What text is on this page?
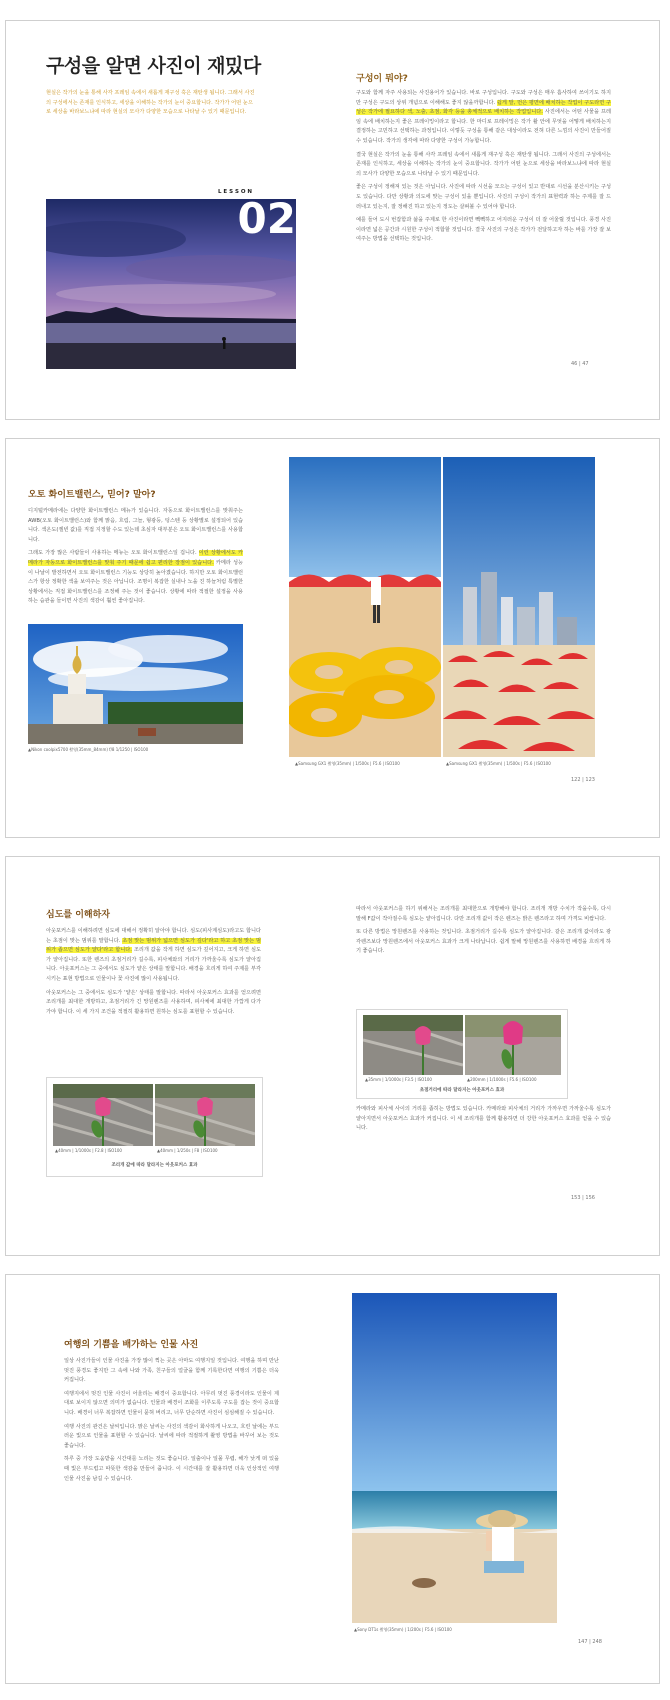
구성을 알면 사진이 재밌다
현실은 작가의 눈을 통해 사각 프레임 속에서 새롭게 재구성 혹은 재탄생 됩니다. 그래서 사진의 구성에서는 존재를 인식하고, 세상을 이해하는 작가의 눈이 중요합니다. 작가가 어떤 눈으로 세상을 바라보느냐에 따라 현실의 모사가 다양한 모습으로 나타날 수 있기 때문입니다.
L E S S O N
02
구성이 뭐야?
구도와 함께 자주 사용되는 사진용어가 있습니다. 바로 구성입니다. 구도와 구성은 매우 흡사하여 쓰이기도 하지만 구성은 구도의 상위 개념으로 이해해도 좋지 않을까합니다. 쉽게 말, 먼은 평면에 배치하는 작업이 구도라면 구성은 작가에 필요하다 색, 노출, 초점, 화각 등을 총체적으로 배치하는 작업입니다. 사진에서는 어떤 사물을 프레임 속에 배치하는지 좋은 프레이밍이라고 합니다. 한 마디로 프레이밍은 작가 촬 안에 무엇을 어떻게 배치하는지 결정하는 고민하고 선택하는 과정입니다. 이렇듯 구성을 통해 같은 대상이라도 전혀 다른 느낌의 사진이 만들어질 수 있습니다. 작가의 생각에 따라 다양한 구성이 가능합니다.

결국 현실은 작가의 눈을 통해 사각 프레임 속에서 새롭게 재구성 혹은 재탄생 됩니다. 그래서 사진의 구성에서는 존재를 인식하고, 세상을 이해하는 작가의 눈이 중요합니다. 작가가 어떤 눈으로 세상을 바라보느냐에 따라 현실의 모사가 다양한 모습으로 나타날 수 있기 때문입니다.

좋은 구성이 정해져 있는 것은 아닙니다. 사진에 따라 시선을 모으는 구성이 있고 반대로 시선을 분산시키는 구성도 있습니다. 다만 상황과 의도에 맞는 구성이 있을 뿐입니다. 사진의 구성이 작가의 표현력과 하는 주제를 잘 드러내고 있는지, 잘 정해진 하고 있는지 정도는 살펴볼 수 있어야 합니다.

예를 들어 도시 번잡함과 삶을 주제로 한 사진이라면 빽빽하고 어지러운 구성이 더 잘 어울릴 것입니다. 풍경 사진이라면 넓은 공간과 시원한 구성이 적합할 것입니다. 결국 사진의 구성은 작가가 전달하고자 하는 바를 가장 잘 보여주는 방법을 선택하는 것입니다.
46 | 47
오토 화이트밸런스, 믿어? 말아?
디지털카메라에는 다양한 화이트밸런스 메뉴가 있습니다. 자동으로 화이트밸런스를 맞춰주는 AWB(오토 화이트밸런스)와 함께 맑음, 흐림, 그늘, 형광등, 텅스텐 등 상황별로 설정되어 있습니다. 색온도(켈빈 값)를 직접 지정할 수도 있는데 초심자 대부분은 오토 화이트밸런스를 사용합니다.

그래도 가장 많은 사람들이 사용하는 메뉴는 오토 화이트밸런스일 겁니다. 이런 상황에서도 카메라가 자동으로 화이트밸런스를 맞춰 주기 때문에 쉽고 편리한 장점이 있습니다. 카메라 성능이 나날이 발전하면서 오토 화이트밸런스 기능도 상당히 높아졌습니다. 하지만 오토 화이트밸런스가 항상 정확한 색을 보여주는 것은 아닙니다. 조명이 복잡한 실내나 노을 진 하늘처럼 특별한 상황에서는 직접 화이트밸런스를 조정해 주는 것이 좋습니다. 상황에 따라 적절한 설정을 사용하는 습관을 들이면 사진의 색감이 훨씬 좋아집니다.
▲Nikon coolpix5700 촬영(35mm_84mm) f/8 1/1250 | ISO100
▲Samsung GX1 촬영(35mm) | 1/500s | F5.6 | ISO100	▲Samsung GX1 촬영(35mm) | 1/500s | F5.6 | ISO100
122 | 123
심도를 이해하자
아웃포커스를 이해하려면 심도에 대해서 정확히 알아야 합니다. 심도(피사계심도)라고도 합니다는 초점이 맞는 범위를 말합니다. 초점 맞는 범위가 넓으면 심도가 깊다'라고 하고 초점 맞는 범위가 좁으면 심도가 얕다'라고 합니다. 조리개 값을 작게 하면 심도가 깊어지고, 크게 하면 심도가 얕아집니다. 또한 렌즈의 초점거리가 길수록, 피사체와의 거리가 가까울수록 심도가 얕아집니다. 아웃포커스는 그 중에서도 심도가 얕은 상태를 말합니다. 배경을 흐리게 하여 주제를 부각시키는 표현 방법으로 인물이나 꽃 사진에 많이 사용됩니다.

아웃포커스는 그 중에서도 심도가 '얕은' 상태를 말합니다. 따라서 아웃포커스 효과를 얻으려면 조리개를 최대한 개방하고, 초점거리가 긴 망원렌즈를 사용하며, 피사체에 최대한 가깝게 다가가야 합니다. 이 세 가지 조건을 적절히 활용하면 원하는 심도를 표현할 수 있습니다.
▲40mm | 1/1000s | F2.8 | ISO100	▲40mm | 1/250s | F8 | ISO100
조리개 값에 따라 달라지는 아웃포커스 효과
따라서 아웃포커스를 하기 위해서는 조리개를 최대한으로 개방해야 합니다. 조리개 개방 수치가 작을수록, 다시 말해 F값이 작아질수록 심도는 얕아집니다. 다만 조리개 값이 작은 렌즈는 밝은 렌즈라고 하며 가격도 비쌉니다.

또 다른 방법은 망원렌즈를 사용하는 것입니다. 초점거리가 길수록 심도가 얕아집니다. 같은 조리개 값이라도 광각렌즈보다 망원렌즈에서 아웃포커스 효과가 크게 나타납니다. 쉽게 말해 망원렌즈를 사용하면 배경을 흐리게 하기 좋습니다.
▲35mm | 1/1000s | F3.5 | ISO100	▲200mm | 1/1000s | F5.6 | ISO100
초점거리에 따라 달라지는 아웃포커스 효과
카메라와 피사체 사이의 거리를 좁히는 방법도 있습니다. 카메라와 피사체의 거리가 가까우면 가까울수록 심도가 얕아지면서 아웃포커스 효과가 커집니다. 이 세 조리개를 함께 활용하면 더 강한 아웃포커스 효과를 얻을 수 있습니다.
153 | 156
여행의 기쁨을 배가하는 인물 사진
일상 사진가들이 인물 사진을 가장 많이 찍는 곳은 아마도 여행지일 것입니다. 여행을 하며 만난 멋진 풍경도 좋지만 그 속에 나와 가족, 친구들의 얼굴을 함께 기록한다면 여행의 기쁨은 더욱 커집니다.

여행지에서 멋진 인물 사진이 어울리는 배경이 중요합니다. 아무리 멋진 풍경이라도 인물이 제대로 보이지 않으면 의미가 없습니다. 인물과 배경이 조화를 이루도록 구도를 잡는 것이 중요합니다. 배경이 너무 복잡하면 인물이 묻혀 버리고, 너무 단순하면 사진이 심심해질 수 있습니다.

여행 사진의 관건은 날씨입니다. 맑은 날씨는 사진의 색감이 화사하게 나오고, 흐린 날에는 부드러운 빛으로 인물을 표현할 수 있습니다. 날씨에 따라 적절하게 촬영 방법을 바꾸어 보는 것도 좋습니다.

하루 중 가장 도움받을 시간대를 노리는 것도 좋습니다. 일출이나 일몰 무렵, 해가 낮게 떠 있을 때 빛은 부드럽고 따뜻한 색감을 만들어 줍니다. 이 시간대를 잘 활용하면 더욱 인상적인 여행 인물 사진을 남길 수 있습니다.
▲Sony DT1s 촬영(35mm) | 1/200s | F5.6 | ISO100
147 | 248
